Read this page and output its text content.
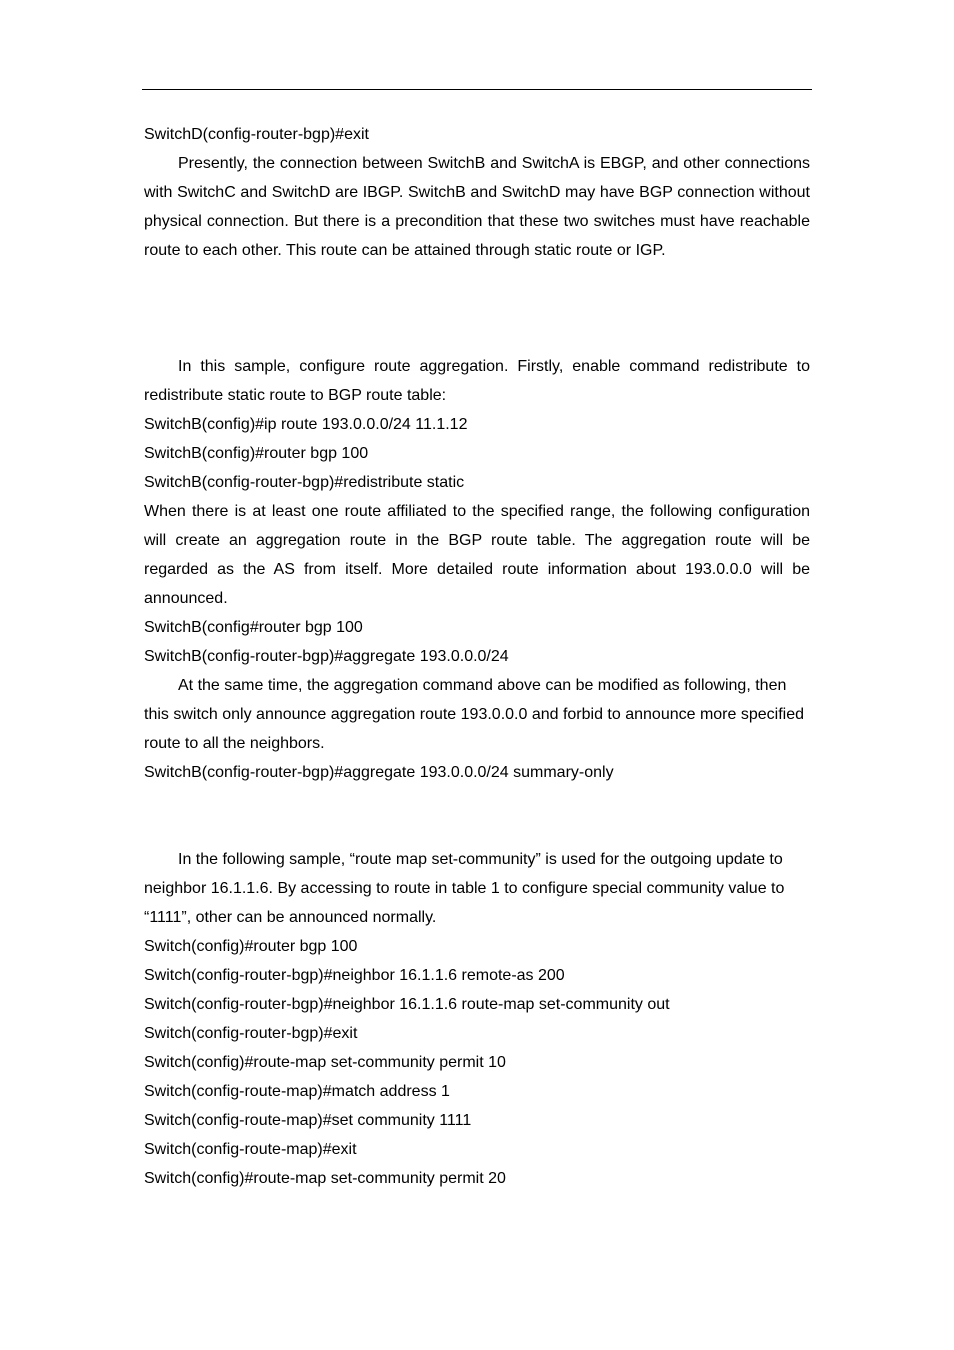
SwitchD(config-router-bgp)#exit

Presently, the connection between SwitchB and SwitchA is EBGP, and other connections with SwitchC and SwitchD are IBGP. SwitchB and SwitchD may have BGP connection without physical connection. But there is a precondition that these two switches must have reachable route to each other. This route can be attained through static route or IGP.

In this sample, configure route aggregation. Firstly, enable command redistribute to redistribute static route to BGP route table:

SwitchB(config)#ip route 193.0.0.0/24 11.1.12

SwitchB(config)#router bgp 100

SwitchB(config-router-bgp)#redistribute static

When there is at least one route affiliated to the specified range, the following configuration will create an aggregation route in the BGP route table. The aggregation route will be regarded as the AS from itself. More detailed route information about 193.0.0.0 will be announced.

SwitchB(config#router bgp 100

SwitchB(config-router-bgp)#aggregate 193.0.0.0/24

At the same time, the aggregation command above can be modified as following, then this switch only announce aggregation route 193.0.0.0 and forbid to announce more specified route to all the neighbors.

SwitchB(config-router-bgp)#aggregate 193.0.0.0/24 summary-only

In the following sample, “route map set-community” is used for the outgoing update to neighbor 16.1.1.6. By accessing to route in table 1 to configure special community value to “1111”, other can be announced normally.

Switch(config)#router bgp 100

Switch(config-router-bgp)#neighbor 16.1.1.6 remote-as 200

Switch(config-router-bgp)#neighbor 16.1.1.6 route-map set-community out

Switch(config-router-bgp)#exit

Switch(config)#route-map set-community permit 10

Switch(config-route-map)#match address 1

Switch(config-route-map)#set community 1111

Switch(config-route-map)#exit

Switch(config)#route-map set-community permit 20
